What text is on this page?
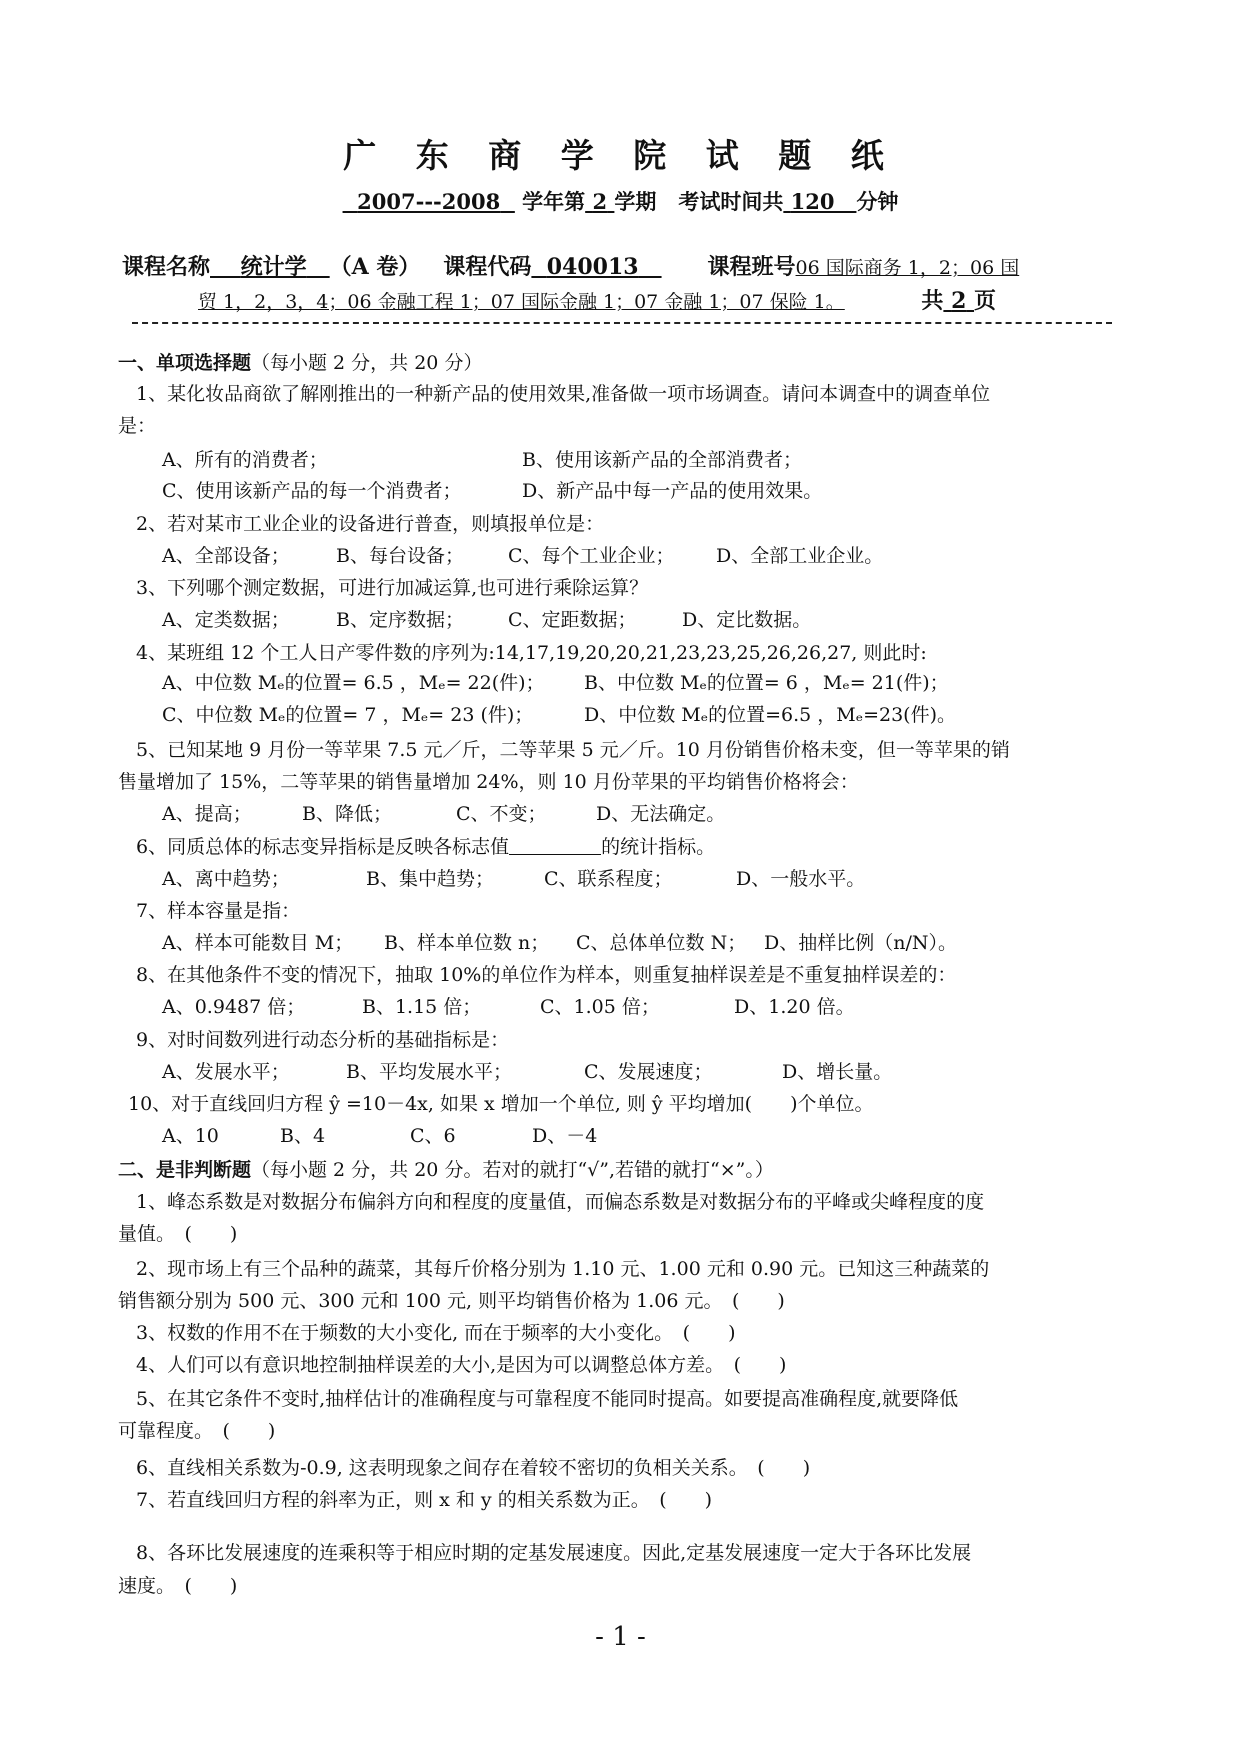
广 东 商 学 院 试 题 纸
2007---2008 学年第 2 学期 考试时间共 120 分钟
课程名称 统计学 （A 卷） 课程代码 040013	课程班号06 国际商务 1，2；06 国
贸 1，2，3，4；06 金融工程 1；07 国际金融 1；07 金融 1；07 保险 1。	共 2 页
一、单项选择题（每小题 2 分，共 20 分）
1、某化妆品商欲了解刚推出的一种新产品的使用效果,准备做一项市场调查。请问本调查中的调查单位
是：
A、所有的消费者；	B、使用该新产品的全部消费者；
C、使用该新产品的每一个消费者；	D、新产品中每一产品的使用效果。
2、若对某市工业企业的设备进行普查，则填报单位是：
A、全部设备； B、每台设备； C、每个工业企业； D、全部工业企业。
3、下列哪个测定数据，可进行加减运算,也可进行乘除运算？
A、定类数据； B、定序数据； C、定距数据； D、定比数据。
4、某班组 12 个工人日产零件数的序列为:14,17,19,20,20,21,23,23,25,26,26,27, 则此时:
A、中位数 Mₑ的位置= 6.5 ，Mₑ= 22(件)； B、中位数 Mₑ的位置= 6 ，Mₑ= 21(件)；
C、中位数 Mₑ的位置= 7 ，Mₑ= 23 (件)；	D、中位数 Mₑ的位置=6.5 ，Mₑ=23(件)。
5、已知某地 9 月份一等苹果 7.5 元／斤，二等苹果 5 元／斤。10 月份销售价格未变，但一等苹果的销
售量增加了 15%，二等苹果的销售量增加 24%，则 10 月份苹果的平均销售价格将会：
A、提高；	B、降低；	C、不变；	D、无法确定。
6、同质总体的标志变异指标是反映各标志值	的统计指标。
A、离中趋势；	B、集中趋势；	C、联系程度；	D、一般水平。
7、样本容量是指：
A、样本可能数目 M； B、样本单位数 n； C、总体单位数 N； D、抽样比例（n/N）。
8、在其他条件不变的情况下，抽取 10%的单位作为样本，则重复抽样误差是不重复抽样误差的：
A、0.9487 倍；	B、1.15 倍；	C、1.05 倍；	D、1.20 倍。
9、对时间数列进行动态分析的基础指标是：
A、发展水平；	B、平均发展水平；	C、发展速度；	D、增长量。
10、对于直线回归方程 ŷ =10－4x, 如果 x 增加一个单位, 则 ŷ 平均增加(　　)个单位。
A、10	B、4	C、6	D、－4
二、是非判断题（每小题 2 分，共 20 分。若对的就打“√”,若错的就打“×”。）
1、峰态系数是对数据分布偏斜方向和程度的度量值，而偏态系数是对数据分布的平峰或尖峰程度的度
量值。　(　　)
2、现市场上有三个品种的蔬菜，其每斤价格分别为 1.10 元、1.00 元和 0.90 元。已知这三种蔬菜的
销售额分别为 500 元、300 元和 100 元, 则平均销售价格为 1.06 元。　(　　)
3、权数的作用不在于频数的大小变化, 而在于频率的大小变化。　(　　)
4、人们可以有意识地控制抽样误差的大小,是因为可以调整总体方差。　(　　)
5、在其它条件不变时,抽样估计的准确程度与可靠程度不能同时提高。如要提高准确程度,就要降低
可靠程度。　(　　)
6、直线相关系数为-0.9, 这表明现象之间存在着较不密切的负相关关系。　(　　)
7、若直线回归方程的斜率为正，则 x 和 y 的相关系数为正。　(　　)
8、各环比发展速度的连乘积等于相应时期的定基发展速度。因此,定基发展速度一定大于各环比发展
速度。　(　　)
- 1 -
